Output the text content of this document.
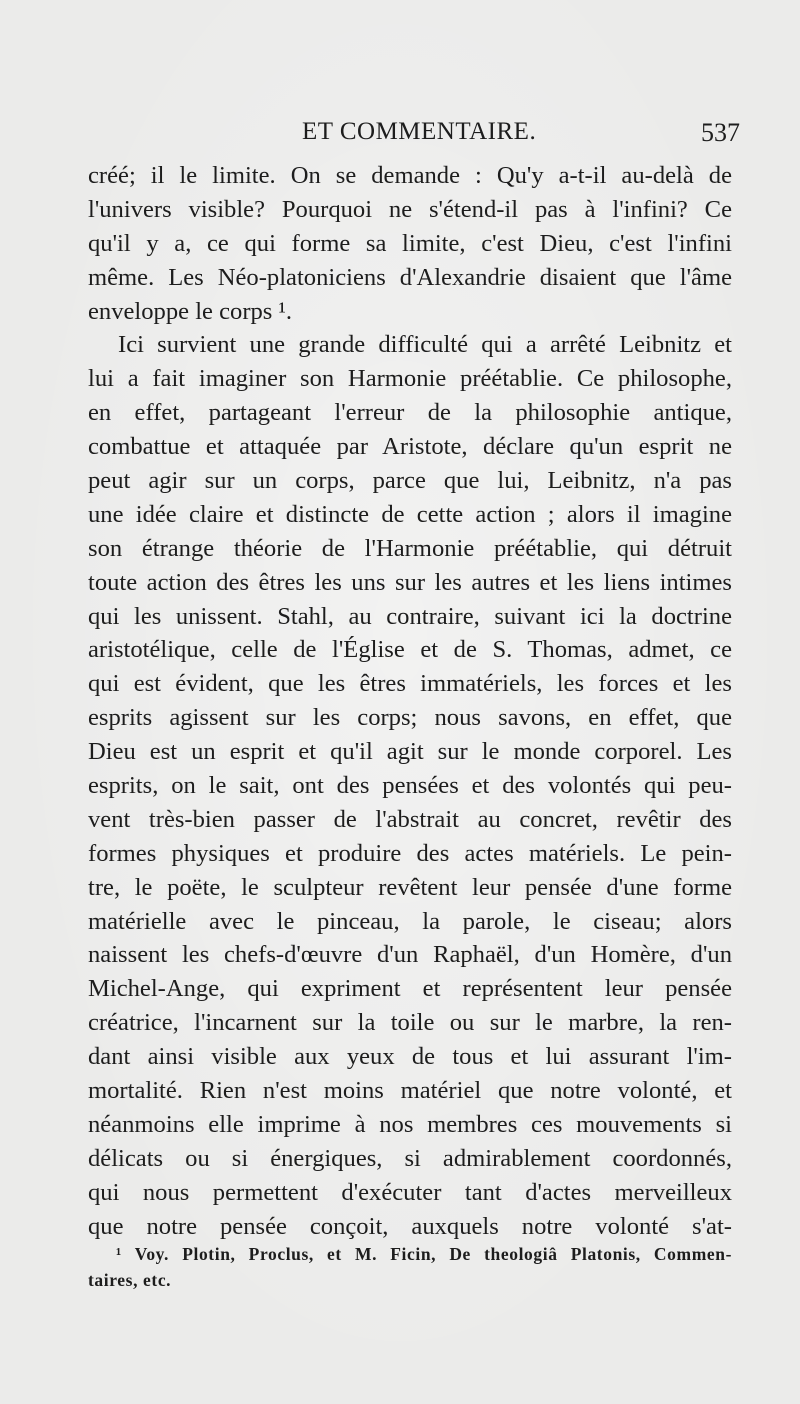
ET COMMENTAIRE.	537
créé; il le limite. On se demande : Qu'y a-t-il au-delà de
l'univers visible? Pourquoi ne s'étend-il pas à l'infini? Ce
qu'il y a, ce qui forme sa limite, c'est Dieu, c'est l'infini
même. Les Néo-platoniciens d'Alexandrie disaient que l'âme
enveloppe le corps ¹.
Ici survient une grande difficulté qui a arrêté Leibnitz et
lui a fait imaginer son Harmonie préétablie. Ce philosophe,
en effet, partageant l'erreur de la philosophie antique,
combattue et attaquée par Aristote, déclare qu'un esprit ne
peut agir sur un corps, parce que lui, Leibnitz, n'a pas
une idée claire et distincte de cette action ; alors il imagine
son étrange théorie de l'Harmonie préétablie, qui détruit
toute action des êtres les uns sur les autres et les liens intimes
qui les unissent. Stahl, au contraire, suivant ici la doctrine
aristotélique, celle de l'Église et de S. Thomas, admet, ce
qui est évident, que les êtres immatériels, les forces et les
esprits agissent sur les corps; nous savons, en effet, que
Dieu est un esprit et qu'il agit sur le monde corporel. Les
esprits, on le sait, ont des pensées et des volontés qui peu-
vent très-bien passer de l'abstrait au concret, revêtir des
formes physiques et produire des actes matériels. Le pein-
tre, le poëte, le sculpteur revêtent leur pensée d'une forme
matérielle avec le pinceau, la parole, le ciseau; alors
naissent les chefs-d'œuvre d'un Raphaël, d'un Homère, d'un
Michel-Ange, qui expriment et représentent leur pensée
créatrice, l'incarnent sur la toile ou sur le marbre, la ren-
dant ainsi visible aux yeux de tous et lui assurant l'im-
mortalité. Rien n'est moins matériel que notre volonté, et
néanmoins elle imprime à nos membres ces mouvements si
délicats ou si énergiques, si admirablement coordonnés,
qui nous permettent d'exécuter tant d'actes merveilleux
que notre pensée conçoit, auxquels notre volonté s'at-
¹ Voy. Plotin, Proclus, et M. Ficin, De theologiâ Platonis, Commen-
taires, etc.
